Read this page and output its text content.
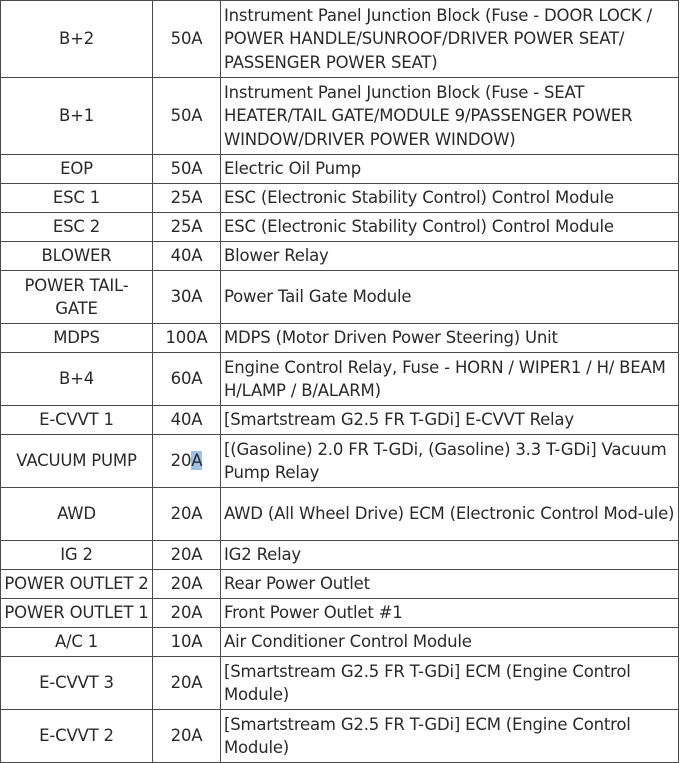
B+2	50A	Instrument Panel Junction Block (Fuse - DOOR LOCK / POWER HANDLE/SUNROOF/DRIVER POWER SEAT/ PASSENGER POWER SEAT)
B+1	50A	Instrument Panel Junction Block (Fuse - SEAT HEATER/TAIL GATE/MODULE 9/PASSENGER POWER WINDOW/DRIVER POWER WINDOW)
EOP	50A	Electric Oil Pump
ESC 1	25A	ESC (Electronic Stability Control) Control Module
ESC 2	25A	ESC (Electronic Stability Control) Control Module
BLOWER	40A	Blower Relay
POWER TAIL-GATE	30A	Power Tail Gate Module
MDPS	100A	MDPS (Motor Driven Power Steering) Unit
B+4	60A	Engine Control Relay, Fuse - HORN / WIPER1 / H/ BEAM H/LAMP / B/ALARM)
E-CVVT 1	40A	[Smartstream G2.5 FR T-GDi] E-CVVT Relay
VACUUM PUMP	20A	[(Gasoline) 2.0 FR T-GDi, (Gasoline) 3.3 T-GDi] Vacuum Pump Relay
AWD	20A	AWD (All Wheel Drive) ECM (Electronic Control Mod-ule)
IG 2	20A	IG2 Relay
POWER OUTLET 2	20A	Rear Power Outlet
POWER OUTLET 1	20A	Front Power Outlet #1
A/C 1	10A	Air Conditioner Control Module
E-CVVT 3	20A	[Smartstream G2.5 FR T-GDi] ECM (Engine Control Module)
E-CVVT 2	20A	[Smartstream G2.5 FR T-GDi] ECM (Engine Control Module)
